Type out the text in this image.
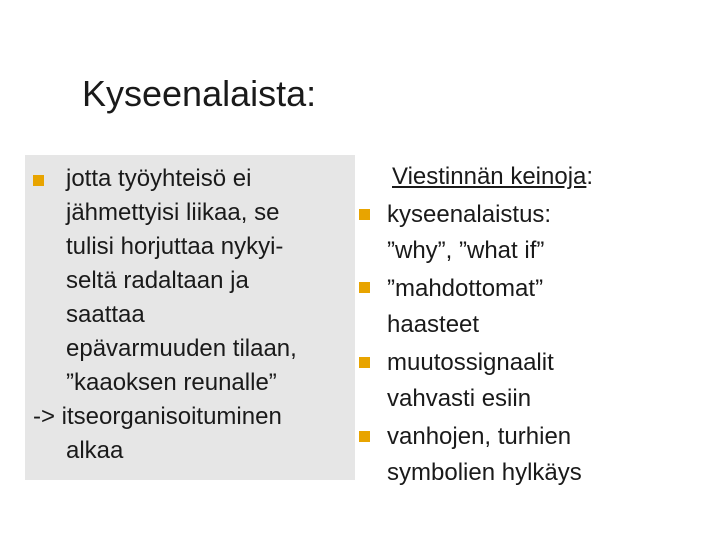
Kyseenalaista:
jotta työyhteisö ei
jähmettyisi liikaa, se
tulisi horjuttaa nykyi-
seltä radaltaan ja
saattaa
epävarmuuden tilaan,
”kaaoksen reunalle”
-> itseorganisoituminen
alkaa
Viestinnän keinoja:
kyseenalaistus:
”why”, ”what if”
”mahdottomat”
haasteet
muutossignaalit
vahvasti esiin
vanhojen, turhien
symbolien hylkäys
